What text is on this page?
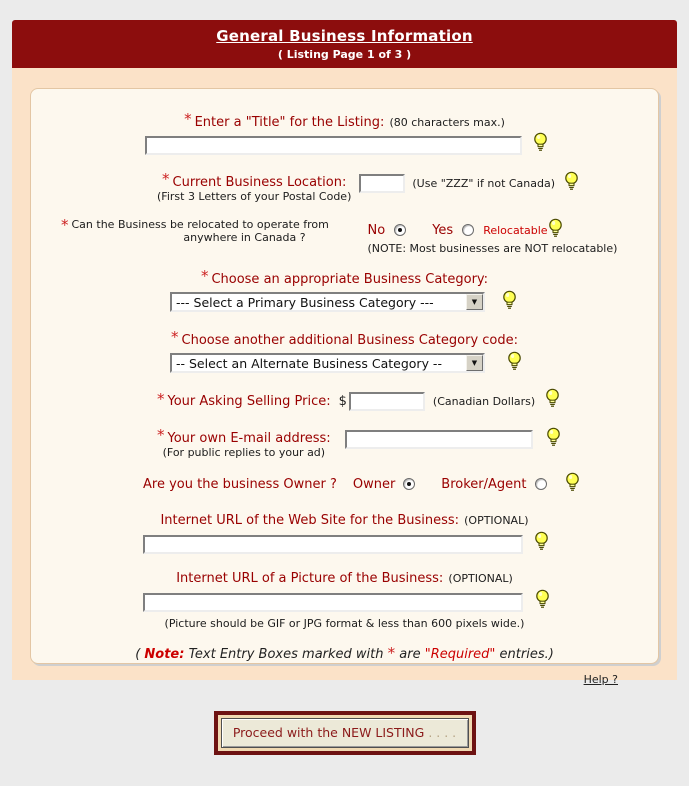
General Business Information
( Listing Page 1 of 3 )
* Enter a "Title" for the Listing: (80 characters max.)
* Current Business Location:
(First 3 Letters of your Postal Code)
(Use "ZZZ" if not Canada)
* Can the Business be relocated to operate from
anywhere in Canada ?	No	Yes	Relocatable
(NOTE: Most businesses are NOT relocatable)
* Choose an appropriate Business Category:
--- Select a Primary Business Category ---	▼
* Choose another additional Business Category code:
-- Select an Alternate Business Category --	▼
* Your Asking Selling Price: $	(Canadian Dollars)
* Your own E-mail address:
(For public replies to your ad)
Are you the business Owner ? Owner	Broker/Agent
Internet URL of the Web Site for the Business: (OPTIONAL)
Internet URL of a Picture of the Business: (OPTIONAL)
(Picture should be GIF or JPG format & less than 600 pixels wide.)
( Note: Text Entry Boxes marked with * are "Required" entries.)
Help ?
Proceed with the NEW LISTING . . . .
